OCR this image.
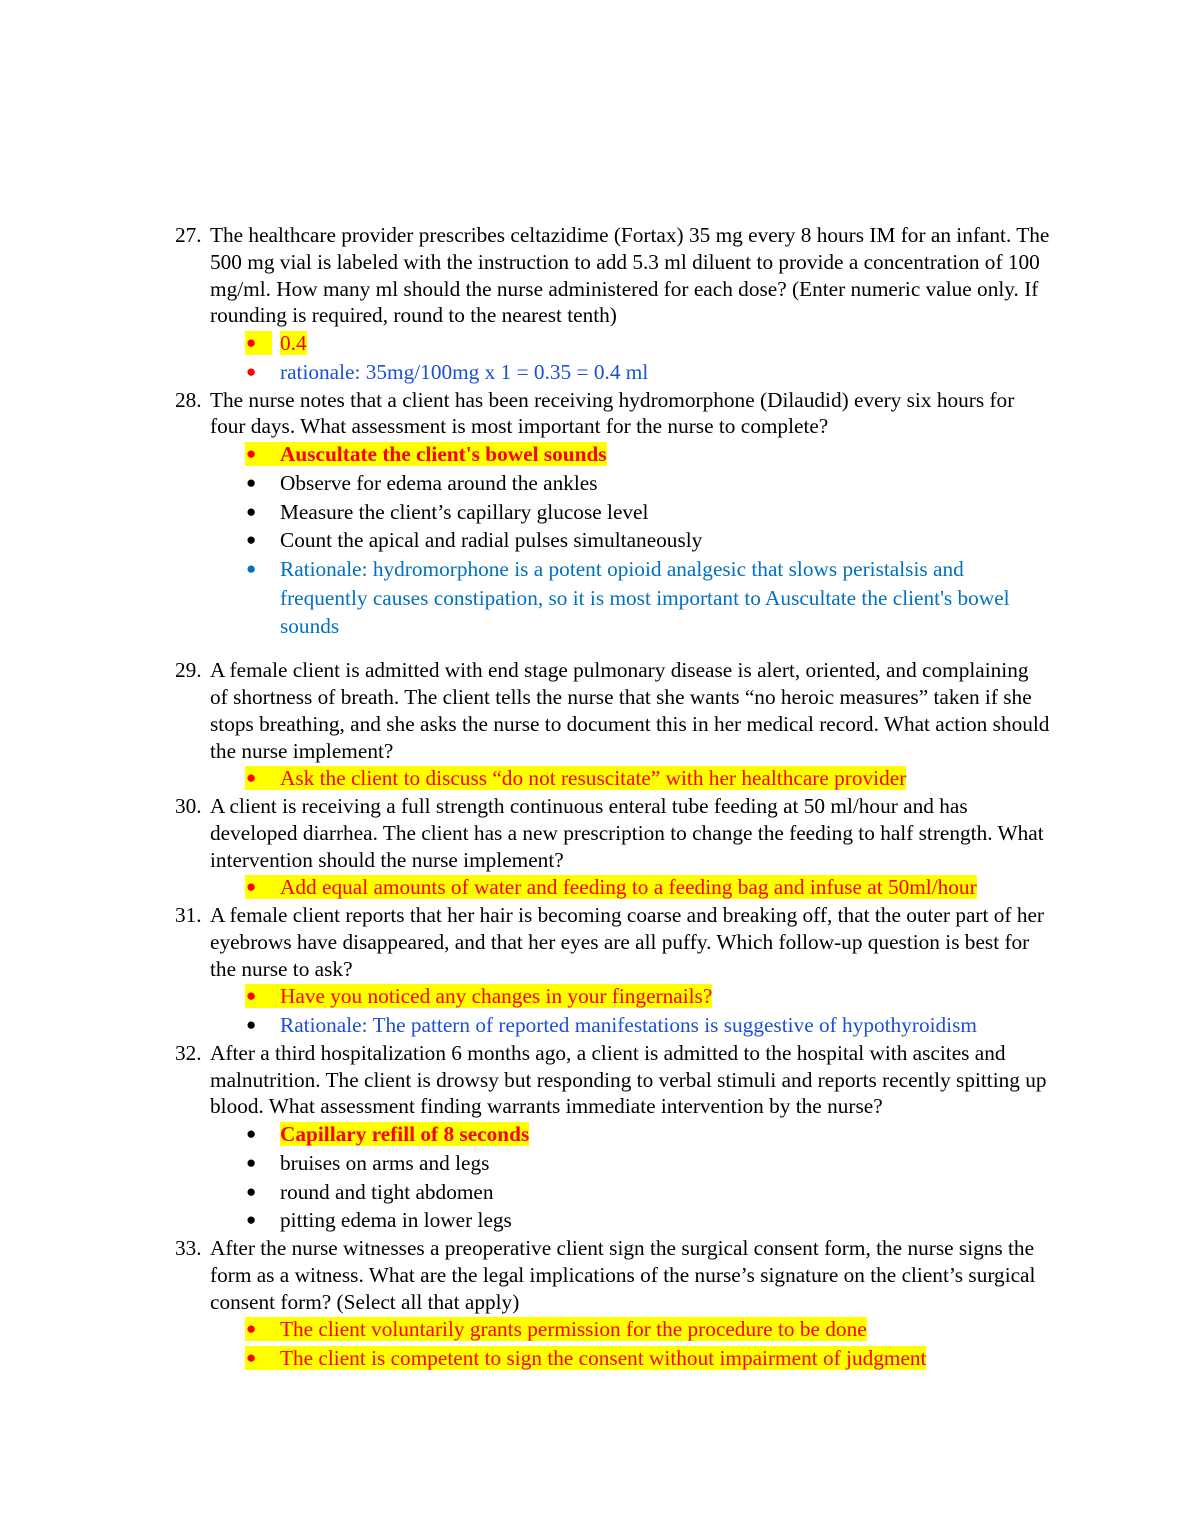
27. The healthcare provider prescribes celtazidime (Fortax) 35 mg every 8 hours IM for an infant. The 500 mg vial is labeled with the instruction to add 5.3 ml diluent to provide a concentration of 100 mg/ml. How many ml should the nurse administered for each dose? (Enter numeric value only. If rounding is required, round to the nearest tenth)
● 0.4
● rationale: 35mg/100mg x 1 = 0.35 = 0.4 ml
28. The nurse notes that a client has been receiving hydromorphone (Dilaudid) every six hours for four days. What assessment is most important for the nurse to complete?
● Auscultate the client's bowel sounds
● Observe for edema around the ankles
● Measure the client’s capillary glucose level
● Count the apical and radial pulses simultaneously
● Rationale: hydromorphone is a potent opioid analgesic that slows peristalsis and frequently causes constipation, so it is most important to Auscultate the client's bowel sounds
29. A female client is admitted with end stage pulmonary disease is alert, oriented, and complaining of shortness of breath. The client tells the nurse that she wants “no heroic measures” taken if she stops breathing, and she asks the nurse to document this in her medical record. What action should the nurse implement?
● Ask the client to discuss “do not resuscitate” with her healthcare provider
30. A client is receiving a full strength continuous enteral tube feeding at 50 ml/hour and has developed diarrhea. The client has a new prescription to change the feeding to half strength. What intervention should the nurse implement?
● Add equal amounts of water and feeding to a feeding bag and infuse at 50ml/hour
31. A female client reports that her hair is becoming coarse and breaking off, that the outer part of her eyebrows have disappeared, and that her eyes are all puffy. Which follow-up question is best for the nurse to ask?
● Have you noticed any changes in your fingernails?
● Rationale: The pattern of reported manifestations is suggestive of hypothyroidism
32. After a third hospitalization 6 months ago, a client is admitted to the hospital with ascites and malnutrition. The client is drowsy but responding to verbal stimuli and reports recently spitting up blood. What assessment finding warrants immediate intervention by the nurse?
● Capillary refill of 8 seconds
● bruises on arms and legs
● round and tight abdomen
● pitting edema in lower legs
33. After the nurse witnesses a preoperative client sign the surgical consent form, the nurse signs the form as a witness. What are the legal implications of the nurse’s signature on the client’s surgical consent form? (Select all that apply)
● The client voluntarily grants permission for the procedure to be done
● The client is competent to sign the consent without impairment of judgment
